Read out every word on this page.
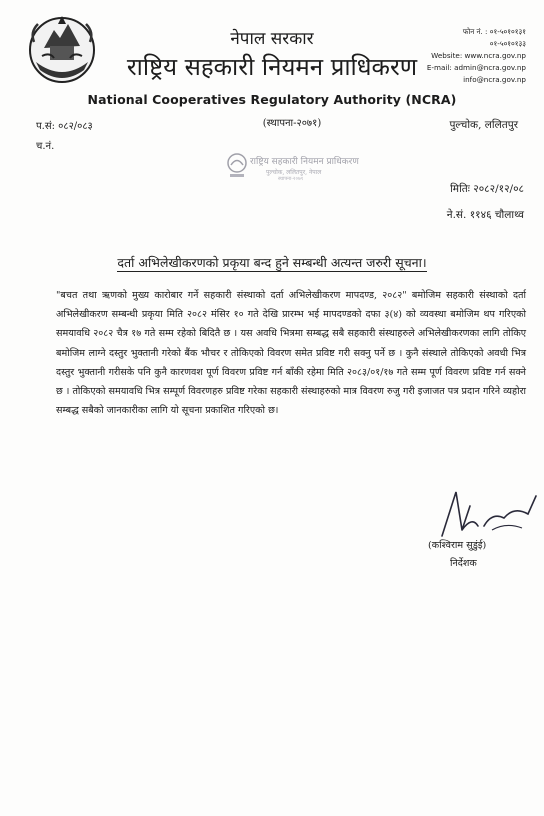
नेपाल सरकार
राष्ट्रिय सहकारी नियमन प्राधिकरण
National Cooperatives Regulatory Authority (NCRA)
(स्थापना-२०७१)
फोन नं. : ०१-५०१०१३१
०१-५०१०१३३
Website: www.ncra.gov.np
E-mail: admin@ncra.gov.np
info@ncra.gov.np
प.सं: ०८२/०८३
च.नं.
पुल्चोक, ललितपुर
राष्ट्रिय सहकारी नियमन प्राधिकरण
पुल्चोक, ललितपुर, नेपाल
स्थापना-२०७१
मितिः २०८२/१२/०८
ने.सं. ११४६ चौलाथ्व
दर्ता अभिलेखीकरणको प्रकृया बन्द हुने सम्बन्धी अत्यन्त जरुरी सूचना।
"बचत तथा ऋणको मुख्य कारोबार गर्ने सहकारी संस्थाको दर्ता अभिलेखीकरण मापदण्ड, २०८२" बमोजिम सहकारी संस्थाको दर्ता अभिलेखीकरण सम्बन्धी प्रकृया मिति २०८२ मंसिर १० गते देखि प्रारम्भ भई मापदण्डको दफा ३(४) को व्यवस्था बमोजिम थप गरिएको समयावधि २०८२ चैत्र १७ गते सम्म रहेको बिदितै छ । यस अवधि भित्रमा सम्बद्ध सबै सहकारी संस्थाहरुले अभिलेखीकरणका लागि तोकिए बमोजिम लाग्ने दस्तुर भुक्तानी गरेको बैंक भौचर र तोकिएको विवरण समेत प्रविष्ट गरी सक्नु पर्ने छ । कुनै संस्थाले तोकिएको अवधी भित्र दस्तुर भुक्तानी गरीसके पनि कुनै कारणवश पूर्ण विवरण प्रविष्ट गर्न बाँकी रहेमा मिति २०८३/०१/१७ गते सम्म पूर्ण विवरण प्रविष्ट गर्न सक्ने छ । तोकिएको समयावधि भित्र सम्पूर्ण विवरणहरु प्रविष्ट गरेका सहकारी संस्थाहरुको मात्र विवरण रुजु गरी इजाजत पत्र प्रदान गरिने व्यहोरा सम्बद्ध सबैको जानकारीका लागि यो सूचना प्रकाशित गरिएको छ।
(कश्विराम सुडुंई)
निर्देशक
